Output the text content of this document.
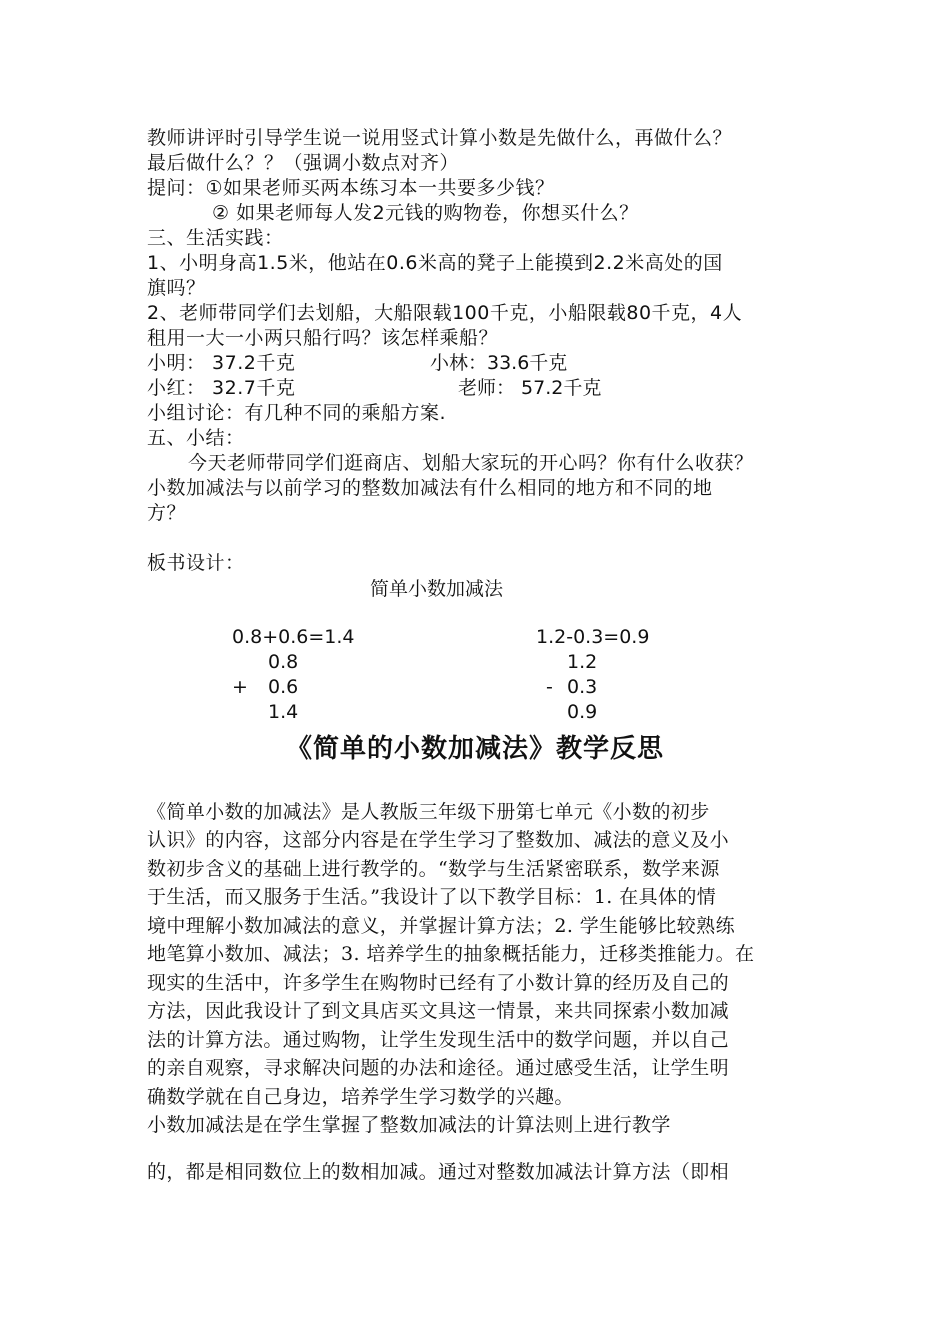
教师讲评时引导学生说一说用竖式计算小数是先做什么，再做什么？
最后做什么？？（强调小数点对齐）
提问：①如果老师买两本练习本一共要多少钱？
② 如果老师每人发2元钱的购物卷，你想买什么？
三、生活实践：
1、小明身高1.5米，他站在0.6米高的凳子上能摸到2.2米高处的国
旗吗？
2、老师带同学们去划船，大船限载100千克，小船限载80千克，4人
租用一大一小两只船行吗？该怎样乘船？
小明： 37.2千克	小林：33.6千克
小红： 32.7千克	老师： 57.2千克
小组讨论：有几种不同的乘船方案.
五、小结：
今天老师带同学们逛商店、划船大家玩的开心吗？你有什么收获？
小数加减法与以前学习的整数加减法有什么相同的地方和不同的地
方？
板书设计：
简单小数加减法
0.8+0.6=1.4
0.8
+ 0.6
1.4
1.2-0.3=0.9
1.2
- 0.3
0.9
《简单的小数加减法》教学反思
《简单小数的加减法》是人教版三年级下册第七单元《小数的初步
认识》的内容，这部分内容是在学生学习了整数加、减法的意义及小
数初步含义的基础上进行教学的。“数学与生活紧密联系，数学来源
于生活，而又服务于生活。”我设计了以下教学目标：1. 在具体的情
境中理解小数加减法的意义，并掌握计算方法；2. 学生能够比较熟练
地笔算小数加、减法；3. 培养学生的抽象概括能力，迁移类推能力。在
现实的生活中，许多学生在购物时已经有了小数计算的经历及自己的
方法，因此我设计了到文具店买文具这一情景，来共同探索小数加减
法的计算方法。通过购物，让学生发现生活中的数学问题，并以自己
的亲自观察，寻求解决问题的办法和途径。通过感受生活，让学生明
确数学就在自己身边，培养学生学习数学的兴趣。
小数加减法是在学生掌握了整数加减法的计算法则上进行教学
的，都是相同数位上的数相加减。通过对整数加减法计算方法（即相
